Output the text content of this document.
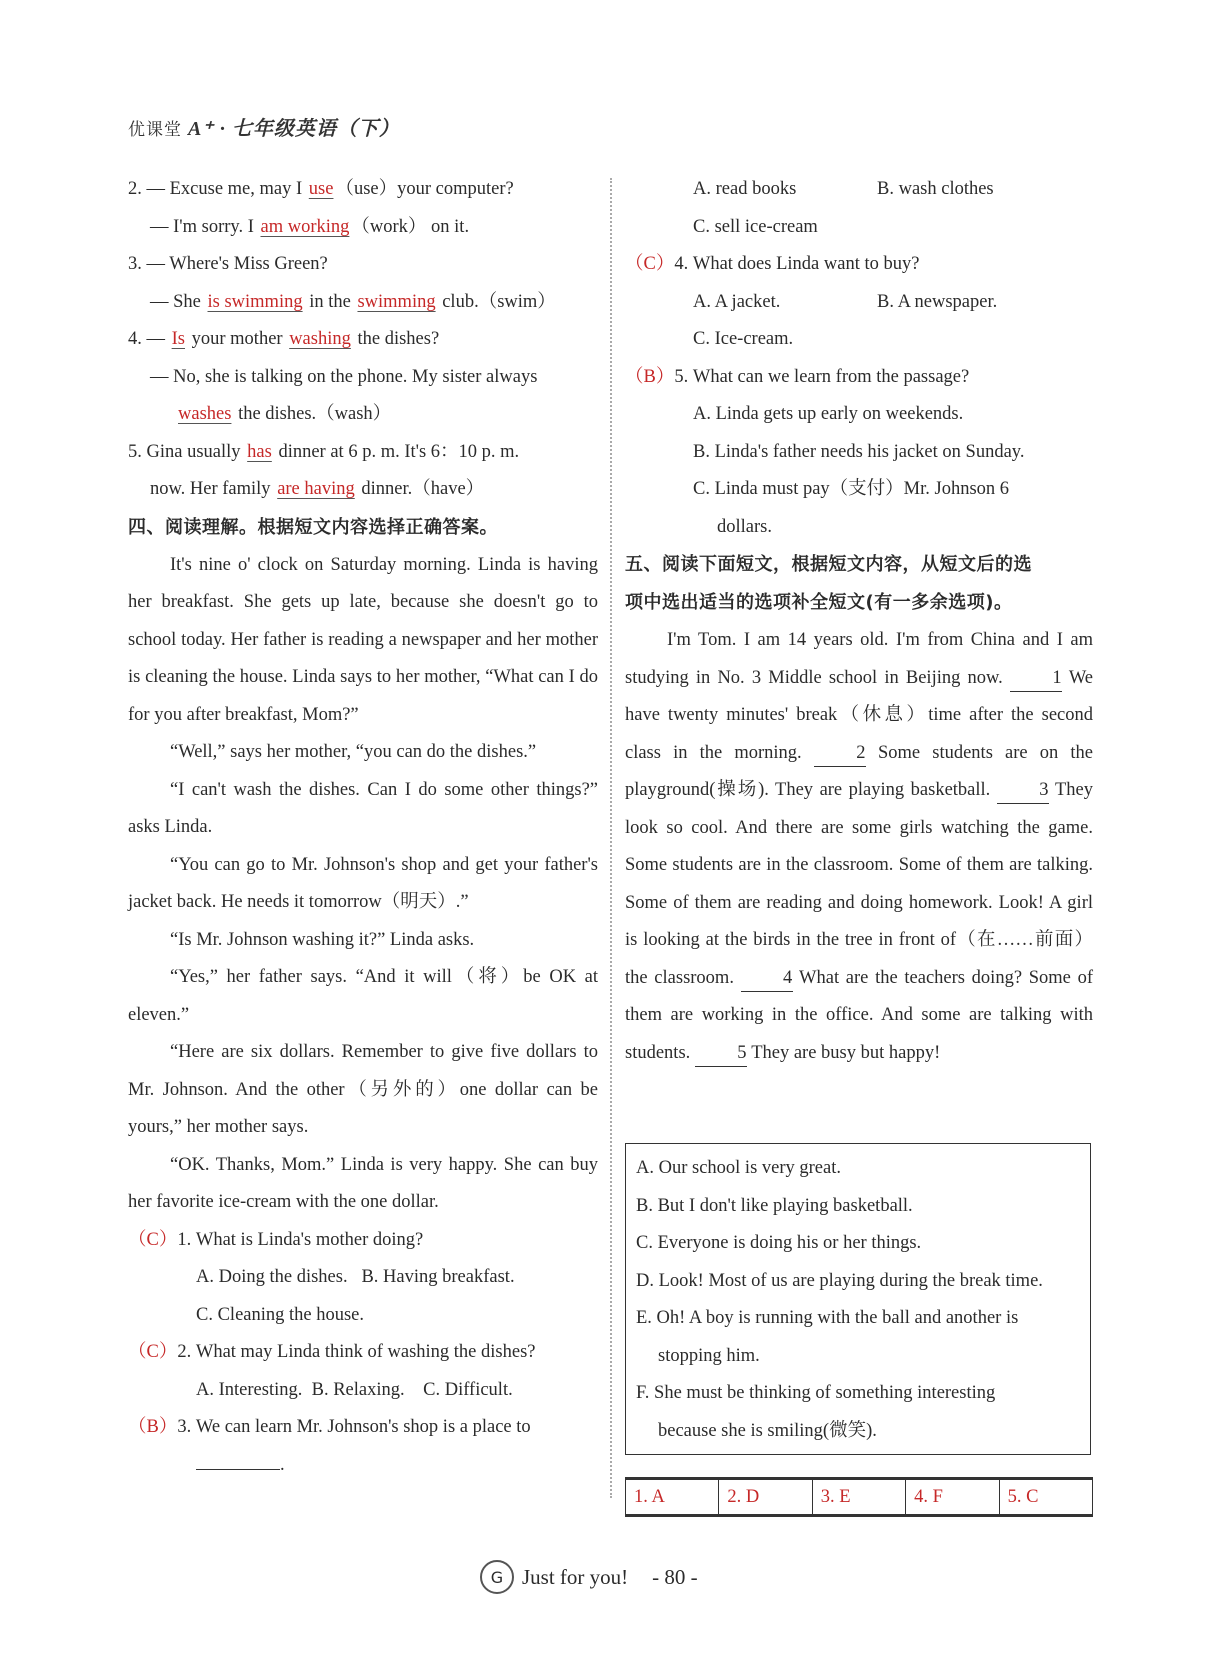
优课堂 A⁺ · 七年级英语（下）
2. — Excuse me, may I use （use）your computer?
— I'm sorry. I am working （work） on it.
3. — Where's Miss Green?
— She is swimming in the swimming club.（swim）
4. — Is your mother washing the dishes?
— No, she is talking on the phone. My sister always
washes the dishes.（wash）
5. Gina usually has dinner at 6 p. m. It's 6：10 p. m.
now. Her family are having dinner.（have）
四、阅读理解。根据短文内容选择正确答案。
It's nine o' clock on Saturday morning. Linda is having her breakfast. She gets up late, because she doesn't go to school today. Her father is reading a newspaper and her mother is cleaning the house. Linda says to her mother, “What can I do for you after breakfast, Mom?”
“Well,” says her mother, “you can do the dishes.”
“I can't wash the dishes. Can I do some other things?” asks Linda.
“You can go to Mr. Johnson's shop and get your father's jacket back. He needs it tomorrow（明天）.”
“Is Mr. Johnson washing it?” Linda asks.
“Yes,” her father says. “And it will（将）be OK at eleven.”
“Here are six dollars. Remember to give five dollars to Mr. Johnson. And the other（另外的）one dollar can be yours,” her mother says.
“OK. Thanks, Mom.” Linda is very happy. She can buy her favorite ice-cream with the one dollar.
（C）1. What is Linda's mother doing?
A. Doing the dishes. B. Having breakfast.
C. Cleaning the house.
（C）2. What may Linda think of washing the dishes?
A. Interesting. B. Relaxing. C. Difficult.
（B）3. We can learn Mr. Johnson's shop is a place to
.
A. read books	B. wash clothes
C. sell ice-cream
（C）4. What does Linda want to buy?
A. A jacket.	B. A newspaper.
C. Ice-cream.
（B）5. What can we learn from the passage?
A. Linda gets up early on weekends.
B. Linda's father needs his jacket on Sunday.
C. Linda must pay（支付）Mr. Johnson 6
dollars.
五、阅读下面短文，根据短文内容，从短文后的选
项中选出适当的选项补全短文(有一多余选项)。
I'm Tom. I am 14 years old. I'm from China and I am studying in No. 3 Middle school in Beijing now.	1 We have twenty minutes' break（休息）time after the second class in the morning.	2 Some students are on the playground(操场). They are playing basketball.	3 They look so cool. And there are some girls watching the game. Some students are in the classroom. Some of them are talking. Some of them are reading and doing homework. Look! A girl is looking at the birds in the tree in front of（在……前面）the classroom.	4 What are the teachers doing? Some of them are working in the office. And some are talking with students.	5 They are busy but happy!
A. Our school is very great.
B. But I don't like playing basketball.
C. Everyone is doing his or her things.
D. Look! Most of us are playing during the break time.
E. Oh! A boy is running with the ball and another is
stopping him.
F. She must be thinking of something interesting
because she is smiling(微笑).
1. A	2. D	3. E	4. F	5. C
G Just for you! - 80 -
